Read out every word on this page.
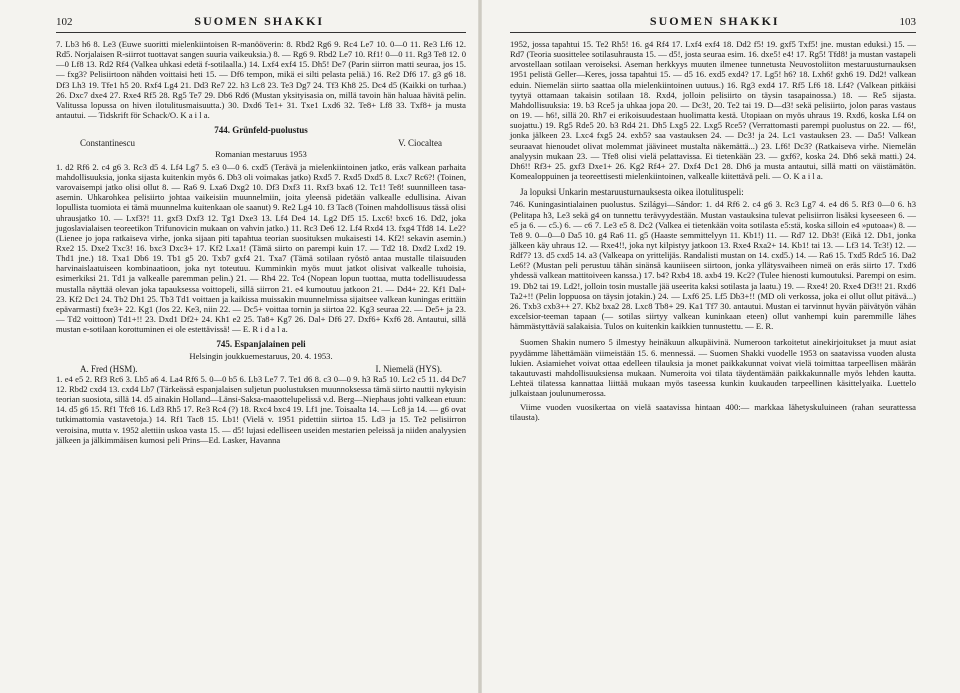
102	SUOMEN SHAKKI

7. Lb3 h6 8. Le3 (Euwe suoritti mielenkiintoisen R-manööverin: 8. Rbd2 Rg6 9. Rc4 Le7 10. 0—0 11. Re3 Lf6 12. Rd5. Norjalaisen R-siirrot tuottavat sangen suuria vaikeuksia.) 8. — Rg6 9. Rbd2 Le7 10. Rf1! 0—0 11. Rg3 Te8 12. 0—0 Lf8 13. Rd2 Rf4 (Valkea uhkasi edetä f-sotilaalla.) 14. Lxf4 exf4 15. Dh5! De7 (Parin siirron matti seuraa, jos 15. — fxg3? Pelisiirtoon nähden voittaisi heti 15. — Df6 tempon, mikä ei silti pelasta peliä.) 16. Re2 Df6 17. g3 g6 18. Df3 Lh3 19. Tfe1 h5 20. Rxf4 Lg4 21. Dd3 Re7 22. h3 Lc8 23. Te3 Dg7 24. Tf3 Kh8 25. Dc4 d5 (Kaikki on turhaa.) 26. Dxc7 dxe4 27. Rxe4 Rf5 28. Rg5 Te7 29. Db6 Rd6 (Mustan yksityisasia on, millä tavoin hän haluaa hävitä pelin. Valitussa lopussa on hiven ilotulitusmaisuutta.) 30. Dxd6 Te1+ 31. Txe1 Lxd6 32. Te8+ Lf8 33. Txf8+ ja musta antautui. — Tidskrift för Schack/O. K a i l a.

744. Grünfeld-puolustus
Constantinescu	V. Ciocaltea
Romanian mestaruus 1953

1. d2 Rf6 2. c4 g6 3. Rc3 d5 4. Lf4 Lg7 5. e3 0—0 6. cxd5 (Terävä ja mielenkiintoinen jatko, eräs valkean parhaita mahdollisuuksia, jonka sijasta kuitenkin myös 6. Db3 oli voimakas jatko) Rxd5 7. Rxd5 Dxd5 8. Lxc7 Rc6?! (Toinen, varovaisempi jatko olisi ollut 8. — Ra6 9. Lxa6 Dxg2 10. Df3 Dxf3 11. Rxf3 bxa6 12. Tc1! Te8! suunnilleen tasa-asemin. Uhkarohkea pelisiirto johtaa vaikeisiin muunnelmiin, joita yleensä pidetään valkealle edullisina. Aivan lopullista tuomiota ei tämä muunnelma kuitenkaan ole saanut) 9. Re2 Lg4 10. f3 Tac8 (Toinen mahdollisuus tässä olisi uhrausjatko 10. — Lxf3?! 11. gxf3 Dxf3 12. Tg1 Dxe3 13. Lf4 De4 14. Lg2 Df5 15. Lxc6! bxc6 16. Dd2, joka jugoslavialaisen teoreetikon Trifunovicin mukaan on vahvin jatko.) 11. Rc3 De6 12. Lf4 Rxd4 13. fxg4 Tfd8 14. Le2? (Lienee jo jopa ratkaiseva virhe, jonka sijaan piti tapahtua teorian suosituksen mukaisesti 14. Kf2! sekavin asemin.) Rxe2 15. Dxe2 Txc3! 16. bxc3 Dxc3+ 17. Kf2 Lxa1! (Tämä siirto on parempi kuin 17. — Td2 18. Dxd2 Lxd2 19. Thd1 jne.) 18. Txa1 Db6 19. Tb1 g5 20. Txb7 gxf4 21. Txa7 (Tämä sotilaan ryöstö antaa mustalle tilaisuuden harvinaislaatuiseen kombinaatioon, joka nyt toteutuu. Kumminkin myös muut jatkot olisivat valkealle tuhoisia, esimerkiksi 21. Td1 ja valkealle paremman pelin.) 21. — Rh4 22. Tc4 (Nopean lopun tuottaa, mutta todellisuudessa mustalla näyttää olevan joka tapauksessa voittopeli, sillä siirron 21. e4 kumoutuu jatkoon 21. — Dd4+ 22. Kf1 Dal+ 23. Kf2 Dc1 24. Tb2 Dh1 25. Tb3 Td1 voittaen ja kaikissa muissakin muunnelmissa sijaitsee valkean kuningas erittäin epävarmasti) fxe3+ 22. Kg1 (Jos 22. Ke3, niin 22. — Dc5+ voittaa tornin ja siirtoa 22. Kg3 seuraa 22. — De5+ ja 23. — Td2 voittoon) Td1+!! 23. Dxd1 Df2+ 24. Kh1 e2 25. Ta8+ Kg7 26. Dal+ Df6 27. Dxf6+ Kxf6 28. Antautui, sillä mustan e-sotilaan korottuminen ei ole estettävissä! — E. R i d a l a.

745. Espanjalainen peli
Helsingin joukkuemestaruus, 20. 4. 1953.
A. Fred (HSM).	I. Niemelä (HYS).

1. e4 e5 2. Rf3 Rc6 3. Lb5 a6 4. La4 Rf6 5. 0—0 b5 6. Lb3 Le7 7. Te1 d6 8. c3 0—0 9. h3 Ra5 10. Lc2 c5 11. d4 Dc7 12. Rbd2 cxd4 13. cxd4 Lb7 (Tärkeässä espanjalaisen suljetun puolustuksen muunnoksessa tämä siirto nauttii nykyisin teorian suosiota, sillä 14. d5 ainakin Holland—Länsi-Saksa-maaottelupelissä v.d. Berg—Niephaus johti valkean etuun: 14. d5 g6 15. Rf1 Tfc8 16. Ld3 Rh5 17. Re3 Rc4 (?) 18. Rxc4 bxc4 19. Lf1 jne. Toisaalta 14. — Lc8 ja 14. — g6 ovat tutkimattomia vastavetoja.) 14. Rf1 Tac8 15. Lb1! (Vielä v. 1951 pidettiin siirtoa 15. Ld3 ja 15. Te2 pelisiirron veroisina, mutta v. 1952 alettiin uskoa vasta 15. — d5! lujasi edelliseen useiden mestarien peleissä ja niiden analyysien jälkeen ja jälkimmäisen kumosi peli Prins—Ed. Lasker, Havanna

SUOMEN SHAKKI	103

1952, jossa tapahtui 15. Te2 Rh5! 16. g4 Rf4 17. Lxf4 exf4 18. Dd2 f5! 19. gxf5 Txf5! jne. mustan eduksi.) 15. — Rd7 (Teoria suosittelee sotilasuhrausta 15. — d5!, josta seuraa esim. 16. dxe5! e4! 17. Rg5! Tfd8! ja mustan vastapeli arvostellaan sotilaan veroiseksi. Aseman herkkyys muuten ilmenee tunnetusta Neuvostoliiton mestaruusturnauksen 1951 pelistä Geller—Keres, jossa tapahtui 15. — d5 16. exd5 exd4? 17. Lg5! h6? 18. Lxh6! gxh6 19. Dd2! valkean eduin. Niemelän siirto saattaa olla mielenkiintoinen uutuus.) 16. Rg3 exd4 17. Rf5 Lf6 18. Lf4? (Valkean pitkäisi tyytyä ottamaan takaisin sotilaan 18. Rxd4, jolloin pelisiirto on täysin tasapainossa.) 18. — Re5 sijasta. Mahdollisuuksia: 19. b3 Rce5 ja uhkaa jopa 20. — Dc3!, 20. Te2 tai 19. D—d3! sekä pelisiirto, jolon paras vastaus on 19. — h6!, sillä 20. Rh7 ei erikoisuudestaan huolimatta kestä. Utopiaan on myös uhraus 19. Rxd6, koska Lf4 on suojattu.) 19. Rg5 Rde5 20. b3 Rd4 21. Dh5 Lxg5 22. Lxg5 Rce5? (Verrattomasti parempi puolustus on 22. — f6!, jonka jälkeen 23. Lxc4 fxg5 24. exb5? saa vastauksen 24. — Dc3! ja 24. Lc1 vastauksen 23. — Da5! Valkean seuraavat hienoudet olivat molemmat jäävineet mustalta näkemättä...) 23. Lf6! Dc3? (Ratkaiseva virhe. Niemelän analyysin mukaan 23. — Tfe8 olisi vielä pelattavissa. Ei tietenkään 23. — gxf6?, koska 24. Dh6 sekä matti.) 24. Dh6!! Rf3+ 25. gxf3 Dxe1+ 26. Kg2 Rf4+ 27. Dxf4 Dc1 28. Dh6 ja musta antautui, sillä matti on väistämätön. Komealoppuinen ja teoreettisesti mielenkiintoinen, valkealle kiitettävä peli. — O. K a i l a.

Ja lopuksi Unkarin mestaruusturnauksesta oikea ilotulituspeli:

746. Kuningasintialainen puolustus. Szilágyi—Sándor: 1. d4 Rf6 2. c4 g6 3. Rc3 Lg7 4. e4 d6 5. Rf3 0—0 6. h3 (Pelitapa h3, Le3 sekä g4 on tunnettu terävyydestään. Mustan vastauksina tulevat pelisiirron lisäksi kyseeseen 6. — e5 ja 6. — c5.) 6. — c6 7. Le3 e5 8. Dc2 (Valkea ei tietenkään voita sotilasta e5:stä, koska silloin e4 »putoaa«) 8. — Te8 9. 0—0—0 Da5 10. g4 Ra6 11. g5 (Haaste semmittelyyn 11. Kb1!) 11. — Rd7 12. Db3! (Eikä 12. Db1, jonka jälkeen käy uhraus 12. — Rxe4!!, joka nyt kilpistyy jatkoon 13. Rxe4 Rxa2+ 14. Kb1! tai 13. — Lf3 14. Tc3!) 12. — Rdf7? 13. d5 cxd5 14. a3 (Valkeapa on yrittelijäs. Randalisti mustan on 14. cxd5.) 14. — Ra6 15. Txd5 Rdc5 16. Da2 Le6!? (Mustan peli perustuu tähän sinänsä kauniiseen siirtoon, jonka yllätysvaiheen nimeä on eräs siirto 17. Txd6 yhdessä valkean mattitoiveen kanssa.) 17. b4? Rxb4 18. axb4 19. Kc2? (Tulee hienosti kumoutuksi. Parempi on esim. 19. Db2 tai 19. Ld2!, jolloin tosin mustalle jää useerita kaksi sotilasta ja laatu.) 19. — Rxe4! 20. Rxe4 Df3!! 21. Rxd6 Ta2+!! (Pelin loppuosa on täysin jotakin.) 24. — Lxf6 25. Lf5 Db3+!! (MD oli verkossa, joka ei ollut ollut pitävä...) 26. Txb3 cxb3++ 27. Kb2 bxa2 28. Lxc8 Tb8+ 29. Ka1 Tf7 30. antautui. Mustan ei tarvinnut hyvän päivätyön vähän excelsior-teeman tapaan (— sotilas siirtyy valkean kuninkaan eteen) ollut vanhempi kuin paremmille lähes hämmästyttäviä salakaisia. Tulos on kuitenkin kaikkien tunnustettu. — E. R.

Suomen Shakin numero 5 ilmestyy heinäkuun alkupäivinä. Numeroon tarkoitetut ainekirjoitukset ja muut asiat pyydämme lähettämään viimeistään 15. 6. mennessä. — Suomen Shakki vuodelle 1953 on saatavissa vuoden alusta lukien. Asiamiehet voivat ottaa edelleen tilauksia ja monet paikkakunnat voivat vielä toimittaa tarpeellisen määrän takautuvasti mahdollisuuksiensa mukaan. Numeroita voi tilata täydentämään paikkakunnalle myös lehden kautta. Lehteä tilatessa kannattaa liittää mukaan myös taseessa kunkin kuukauden tarpeellinen käsittelyaika. Luettelo julkaistaan joulunumerossa.

Viime vuoden vuosikertaa on vielä saatavissa hintaan 400:— markkaa lähetyskuluineen (rahan seurattessa tilausta).
